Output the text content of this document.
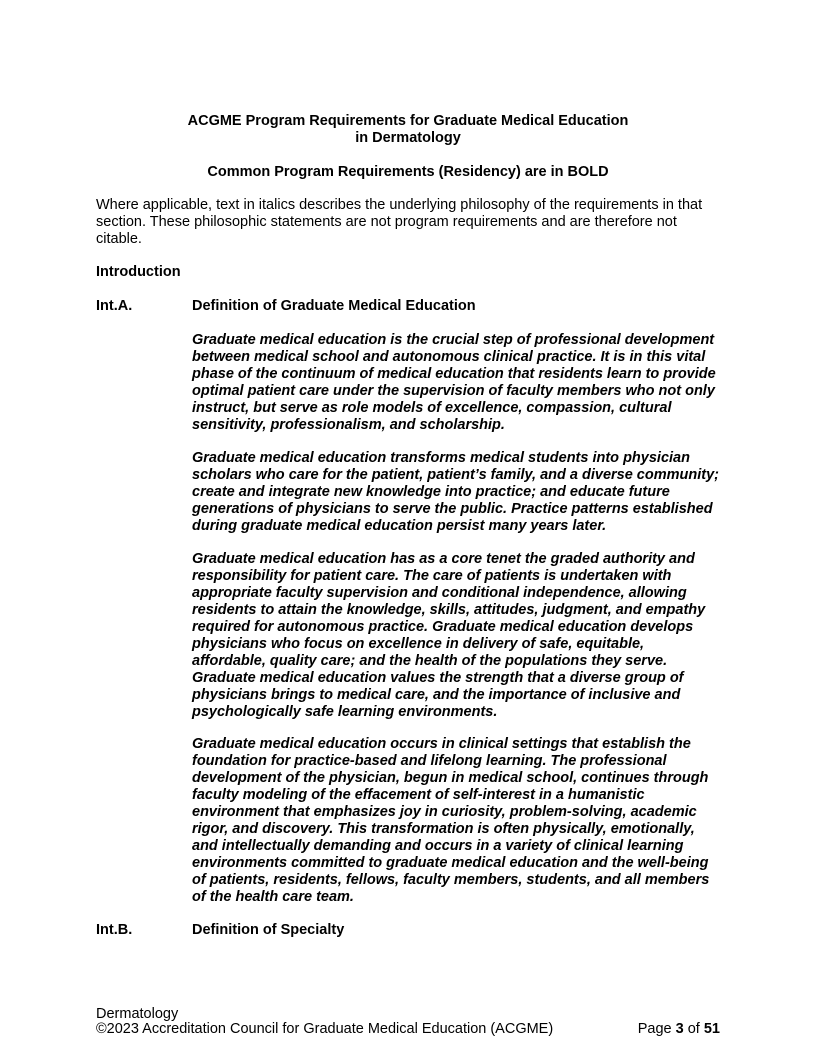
ACGME Program Requirements for Graduate Medical Education
in Dermatology
Common Program Requirements (Residency) are in BOLD
Where applicable, text in italics describes the underlying philosophy of the requirements in that section. These philosophic statements are not program requirements and are therefore not citable.
Introduction
Int.A.	Definition of Graduate Medical Education
Graduate medical education is the crucial step of professional development between medical school and autonomous clinical practice. It is in this vital phase of the continuum of medical education that residents learn to provide optimal patient care under the supervision of faculty members who not only instruct, but serve as role models of excellence, compassion, cultural sensitivity, professionalism, and scholarship.
Graduate medical education transforms medical students into physician scholars who care for the patient, patient’s family, and a diverse community; create and integrate new knowledge into practice; and educate future generations of physicians to serve the public. Practice patterns established during graduate medical education persist many years later.
Graduate medical education has as a core tenet the graded authority and responsibility for patient care. The care of patients is undertaken with appropriate faculty supervision and conditional independence, allowing residents to attain the knowledge, skills, attitudes, judgment, and empathy required for autonomous practice. Graduate medical education develops physicians who focus on excellence in delivery of safe, equitable, affordable, quality care; and the health of the populations they serve. Graduate medical education values the strength that a diverse group of physicians brings to medical care, and the importance of inclusive and psychologically safe learning environments.
Graduate medical education occurs in clinical settings that establish the foundation for practice-based and lifelong learning. The professional development of the physician, begun in medical school, continues through faculty modeling of the effacement of self-interest in a humanistic environment that emphasizes joy in curiosity, problem-solving, academic rigor, and discovery. This transformation is often physically, emotionally, and intellectually demanding and occurs in a variety of clinical learning environments committed to graduate medical education and the well-being of patients, residents, fellows, faculty members, students, and all members of the health care team.
Int.B.	Definition of Specialty
Dermatology
©2023 Accreditation Council for Graduate Medical Education (ACGME)	Page 3 of 51
